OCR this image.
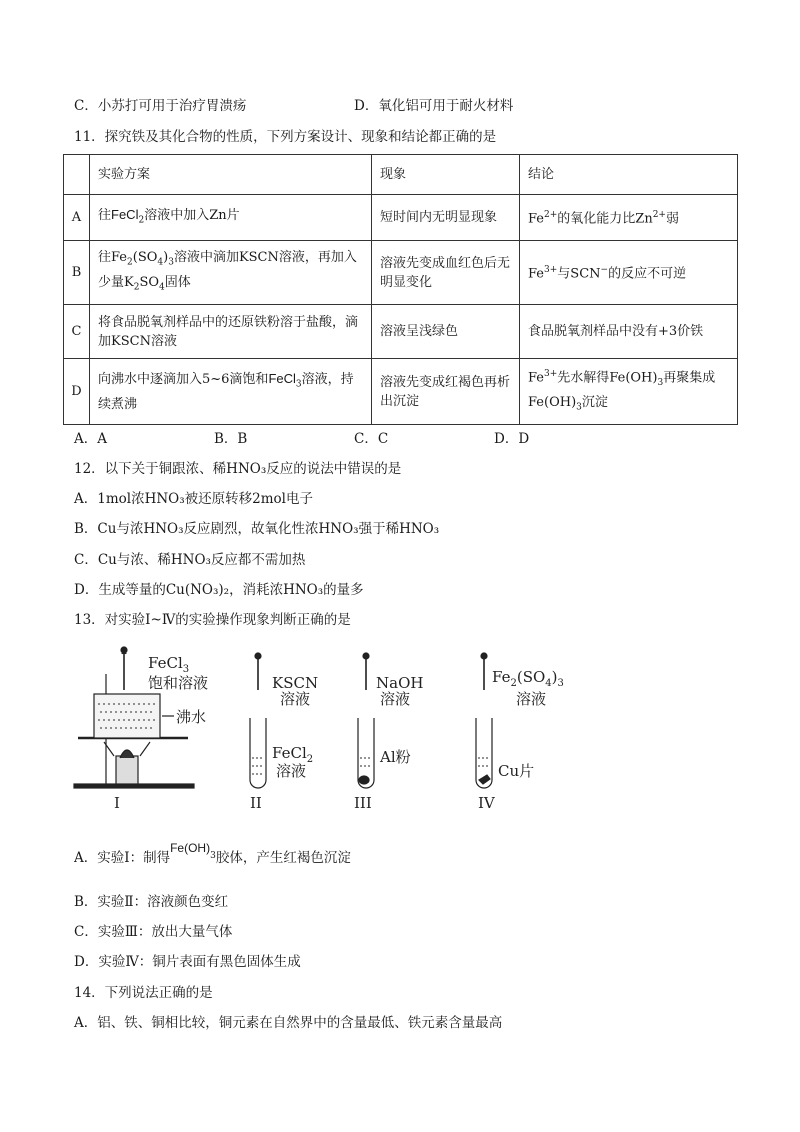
C．小苏打可用于治疗胃溃疡	D．氧化铝可用于耐火材料
11．探究铁及其化合物的性质，下列方案设计、现象和结论都正确的是
	实验方案	现象	结论
A	往FeCl$_2$溶液中加入Zn片	短时间内无明显现象	$Fe^{2+}$的氧化能力比$Zn^{2+}$弱
B	往$Fe_2(SO_4)_3$溶液中滴加KSCN溶液，再加入少量$K_2SO_4$固体	溶液先变成血红色后无明显变化	$Fe^{3+}$与SCN−的反应不可逆
C	将食品脱氧剂样品中的还原铁粉溶于盐酸，滴加KSCN溶液	溶液呈浅绿色	食品脱氧剂样品中没有+3价铁
D	向沸水中逐滴加入5~6滴饱和FeCl$_3$溶液，持续煮沸	溶液先变成红褐色再析出沉淀	$Fe^{3+}$先水解得$Fe(OH)_3$再聚集成$Fe(OH)_3$沉淀
A．A	B．B	C．C	D．D
12．以下关于铜跟浓、稀HNO₃反应的说法中错误的是
A．1mol浓HNO₃被还原转移2mol电子
B．Cu与浓HNO₃反应剧烈，故氧化性浓HNO₃强于稀HNO₃
C．Cu与浓、稀HNO₃反应都不需加热
D．生成等量的Cu(NO₃)₂，消耗浓HNO₃的量多
13．对实验Ⅰ~Ⅳ的实验操作现象判断正确的是
FeCl$_3$
饱和溶液
沸水
I
KSCN
溶液
FeCl$_2$
溶液
II
NaOH
溶液
Al粉
III
$Fe_2(SO_4)_3$
溶液
Cu片
IV
A．实验Ⅰ：制得$Fe(OH)_3$胶体，产生红褐色沉淀
B．实验Ⅱ：溶液颜色变红
C．实验Ⅲ：放出大量气体
D．实验Ⅳ：铜片表面有黑色固体生成
14．下列说法正确的是
A．铝、铁、铜相比较，铜元素在自然界中的含量最低、铁元素含量最高
